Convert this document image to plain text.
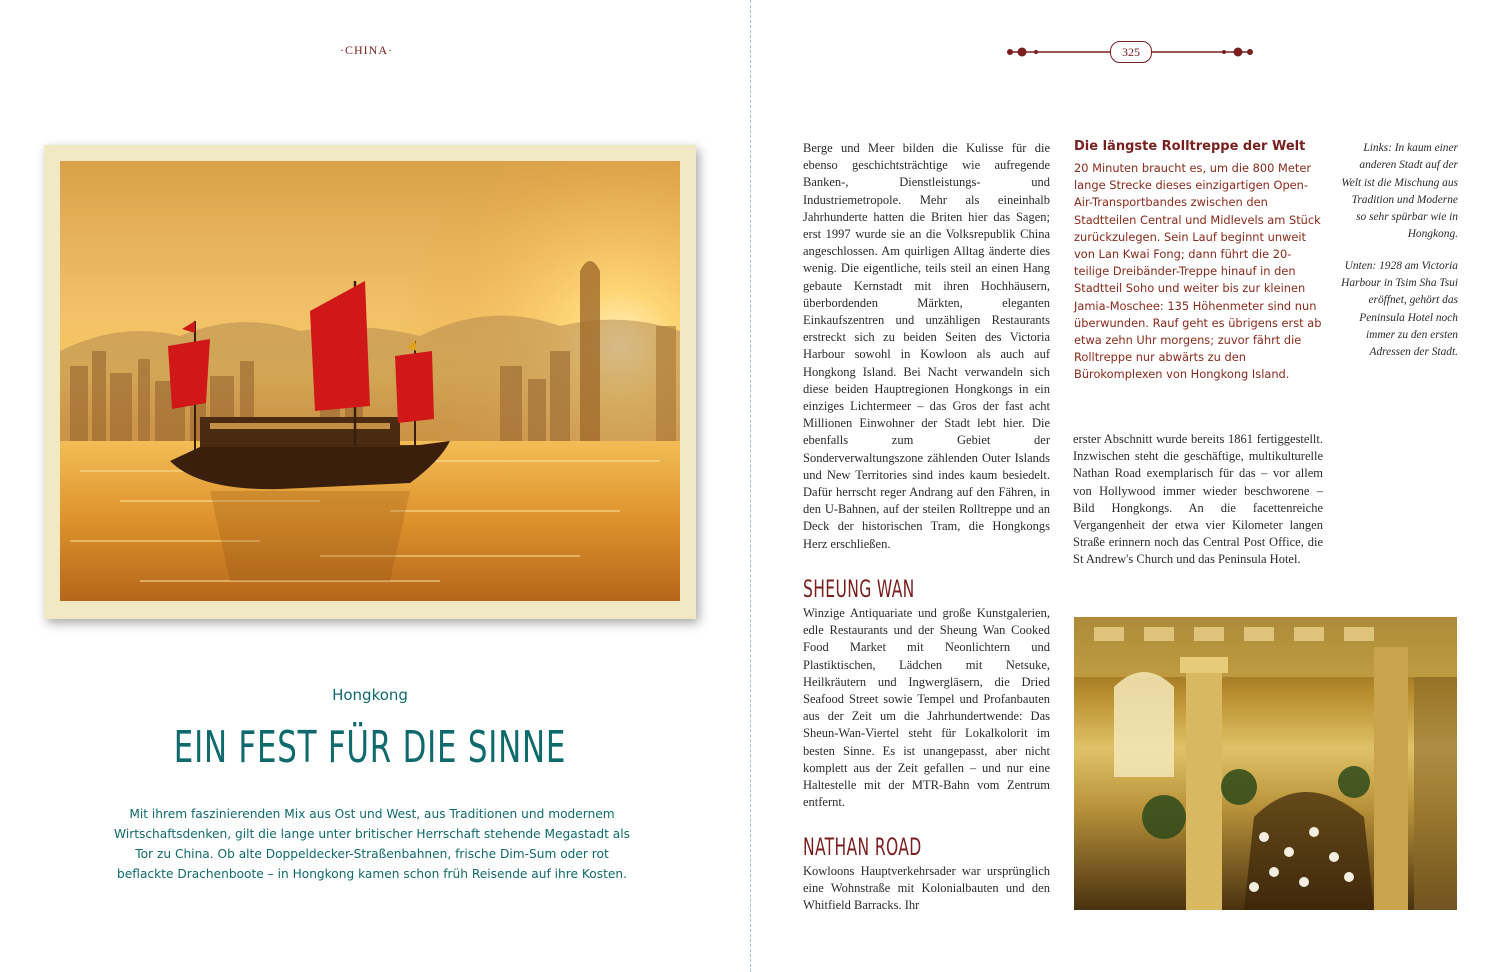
·CHINA·	325
Hongkong
EIN FEST FÜR DIE SINNE
Mit ihrem faszinierenden Mix aus Ost und West, aus Traditionen und modernem Wirtschaftsdenken, gilt die lange unter britischer Herrschaft stehende Megastadt als Tor zu China. Ob alte Doppeldecker-Straßenbahnen, frische Dim-Sum oder rot beflackte Drachenboote – in Hongkong kamen schon früh Reisende auf ihre Kosten.
Berge und Meer bilden die Kulisse für die ebenso geschichtsträchtige wie aufregende Banken-, Dienstleistungs- und Industriemetropole. Mehr als eineinhalb Jahrhunderte hatten die Briten hier das Sagen; erst 1997 wurde sie an die Volksrepublik China angeschlossen. Am quirligen Alltag änderte dies wenig. Die eigentliche, teils steil an einen Hang gebaute Kernstadt mit ihren Hochhäusern, überbordenden Märkten, eleganten Einkaufszentren und unzähligen Restaurants erstreckt sich zu beiden Seiten des Victoria Harbour sowohl in Kowloon als auch auf Hongkong Island. Bei Nacht verwandeln sich diese beiden Hauptregionen Hongkongs in ein einziges Lichtermeer – das Gros der fast acht Millionen Einwohner der Stadt lebt hier. Die ebenfalls zum Gebiet der Sonderverwaltungszone zählenden Outer Islands und New Territories sind indes kaum besiedelt. Dafür herrscht reger Andrang auf den Fähren, in den U-Bahnen, auf der steilen Rolltreppe und an Deck der historischen Tram, die Hongkongs Herz erschließen.
SHEUNG WAN
Winzige Antiquariate und große Kunstgalerien, edle Restaurants und der Sheung Wan Cooked Food Market mit Neonlichtern und Plastiktischen, Lädchen mit Netsuke, Heilkräutern und Ingwergläsern, die Dried Seafood Street sowie Tempel und Profanbauten aus der Zeit um die Jahrhundertwende: Das Sheun-Wan-Viertel steht für Lokalkolorit im besten Sinne. Es ist unangepasst, aber nicht komplett aus der Zeit gefallen – und nur eine Haltestelle mit der MTR-Bahn vom Zentrum entfernt.
NATHAN ROAD
Kowloons Hauptverkehrsader war ursprünglich eine Wohnstraße mit Kolonialbauten und den Whitfield Barracks. Ihr
Die längste Rolltreppe der Welt
20 Minuten braucht es, um die 800 Meter lange Strecke dieses einzigartigen Open-Air-Transportbandes zwischen den Stadtteilen Central und Midlevels am Stück zurückzulegen. Sein Lauf beginnt unweit von Lan Kwai Fong; dann führt die 20-teilige Dreibänder-Treppe hinauf in den Stadtteil Soho und weiter bis zur kleinen Jamia-Moschee: 135 Höhenmeter sind nun überwunden. Rauf geht es übrigens erst ab etwa zehn Uhr morgens; zuvor fährt die Rolltreppe nur abwärts zu den Bürokomplexen von Hongkong Island.
erster Abschnitt wurde bereits 1861 fertiggestellt. Inzwischen steht die geschäftige, multikulturelle Nathan Road exemplarisch für das – vor allem von Hollywood immer wieder beschworene – Bild Hongkongs. An die facettenreiche Vergangenheit der etwa vier Kilometer langen Straße erinnern noch das Central Post Office, die St Andrew's Church und das Peninsula Hotel.

Links: In kaum einer anderen Stadt auf der Welt ist die Mischung aus Tradition und Moderne so sehr spürbar wie in Hongkong.

Unten: 1928 am Victoria Harbour in Tsim Sha Tsui eröffnet, gehört das Peninsula Hotel noch immer zu den ersten Adressen der Stadt.
